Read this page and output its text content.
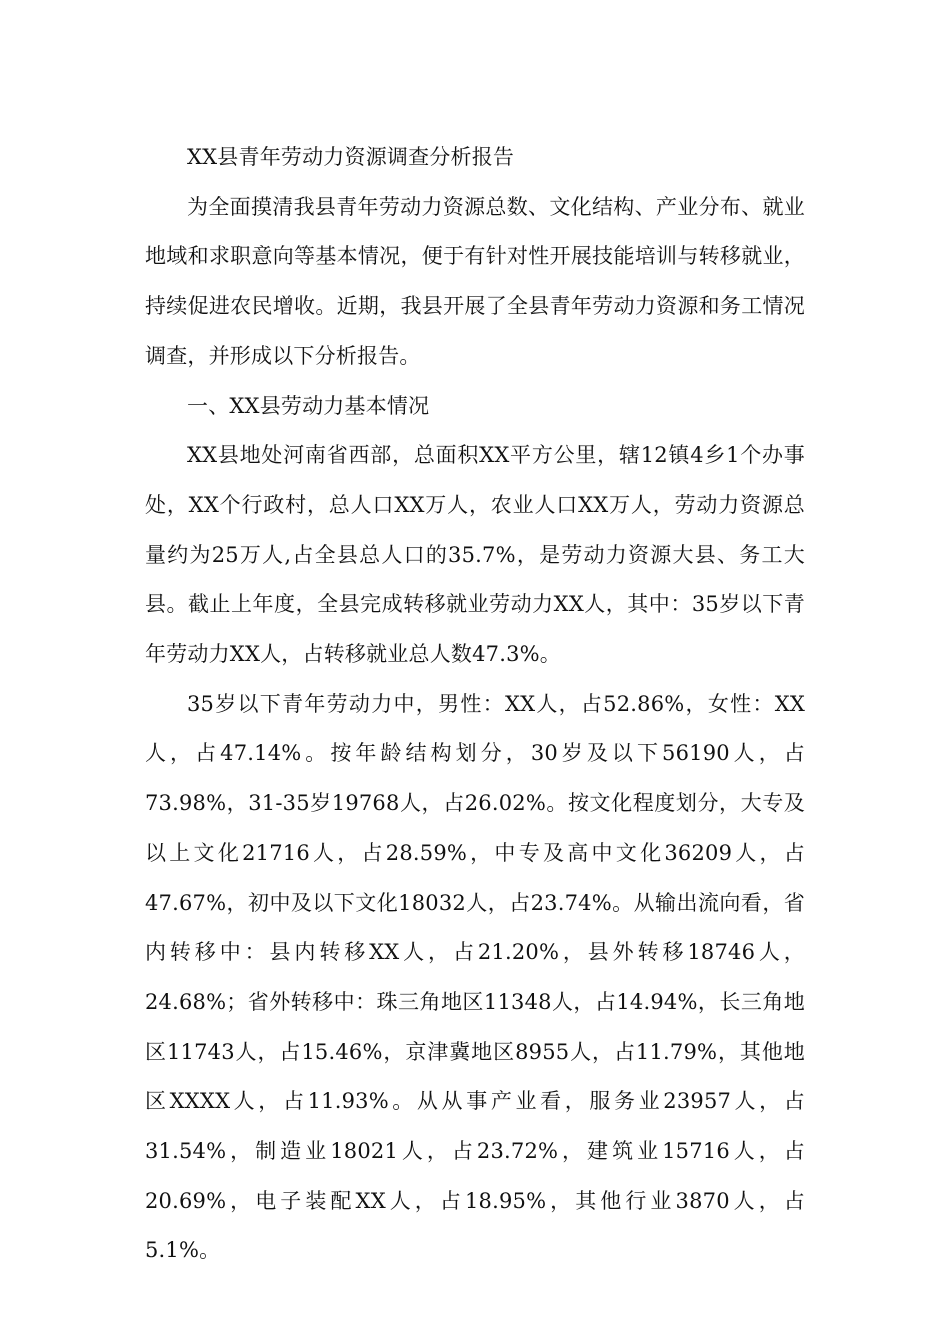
XX县青年劳动力资源调查分析报告

为全面摸清我县青年劳动力资源总数、文化结构、产业分布、就业地域和求职意向等基本情况，便于有针对性开展技能培训与转移就业，持续促进农民增收。近期，我县开展了全县青年劳动力资源和务工情况调查，并形成以下分析报告。

一、XX县劳动力基本情况

XX县地处河南省西部，总面积XX平方公里，辖12镇4乡1个办事处，XX个行政村，总人口XX万人，农业人口XX万人，劳动力资源总量约为25万人,占全县总人口的35.7%，是劳动力资源大县、务工大县。截止上年度，全县完成转移就业劳动力XX人，其中：35岁以下青年劳动力XX人，占转移就业总人数47.3%。

35岁以下青年劳动力中，男性：XX人，占52.86%，女性：XX人，占47.14%。按年龄结构划分，30岁及以下56190人，占73.98%，31-35岁19768人，占26.02%。按文化程度划分，大专及以上文化21716人，占28.59%，中专及高中文化36209人，占47.67%，初中及以下文化18032人，占23.74%。从输出流向看，省内转移中：县内转移XX人，占21.20%，县外转移18746人，24.68%；省外转移中：珠三角地区11348人，占14.94%，长三角地区11743人，占15.46%，京津冀地区8955人，占11.79%，其他地区XXXX人，占11.93%。从从事产业看，服务业23957人，占31.54%，制造业18021人，占23.72%，建筑业15716人，占20.69%，电子装配XX人，占18.95%，其他行业3870人，占5.1%。
